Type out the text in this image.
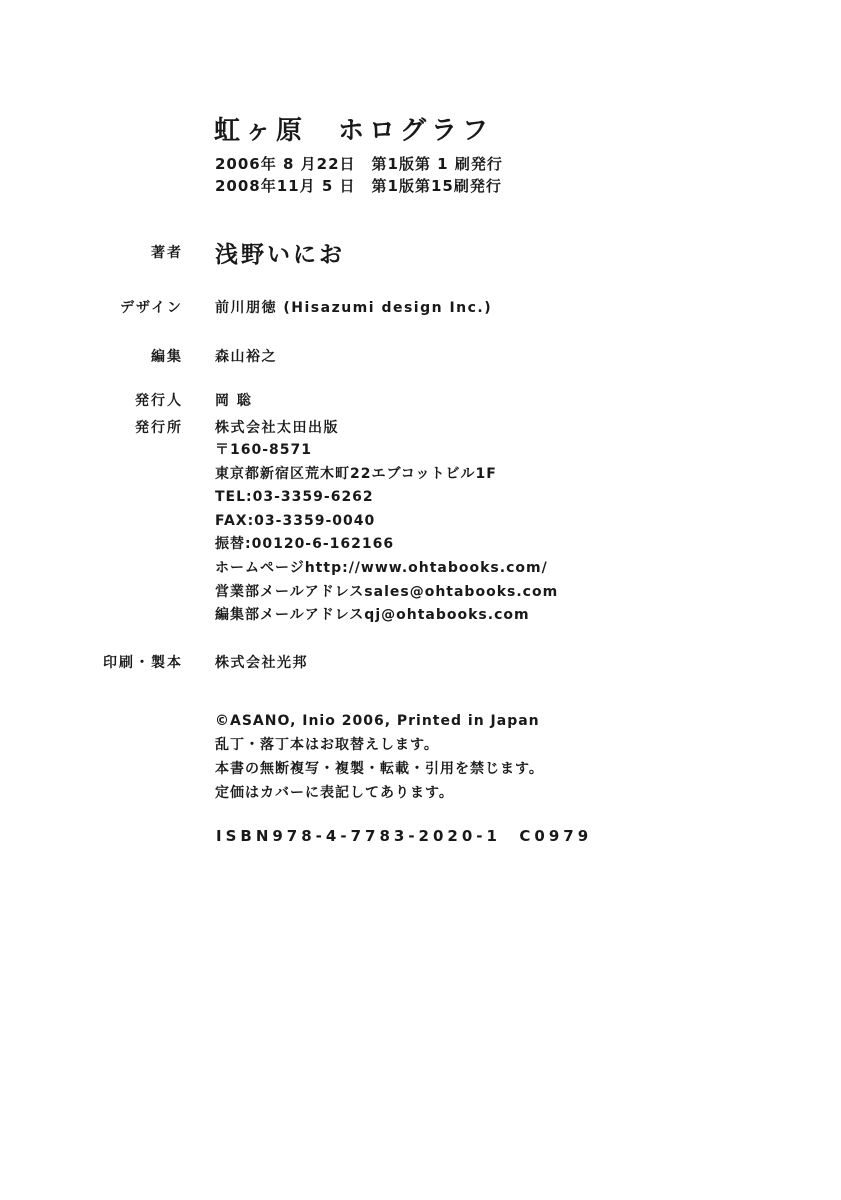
虹ヶ原　ホログラフ
2006年 8 月22日　第1版第 1 刷発行
2008年11月 5 日　第1版第15刷発行
著者 浅野いにお
デザイン 前川朋徳 (Hisazumi design Inc.)
編集 森山裕之
発行人 岡 聡
発行所 株式会社太田出版
〒160-8571
東京都新宿区荒木町22エブコットビル1F
TEL:03-3359-6262
FAX:03-3359-0040
振替:00120-6-162166
ホームページhttp://www.ohtabooks.com/
営業部メールアドレスsales@ohtabooks.com
編集部メールアドレスqj@ohtabooks.com
印刷・製本 株式会社光邦
©ASANO, Inio 2006, Printed in Japan
乱丁・落丁本はお取替えします。
本書の無断複写・複製・転載・引用を禁じます。
定価はカバーに表記してあります。
ISBN978-4-7783-2020-1  C0979
